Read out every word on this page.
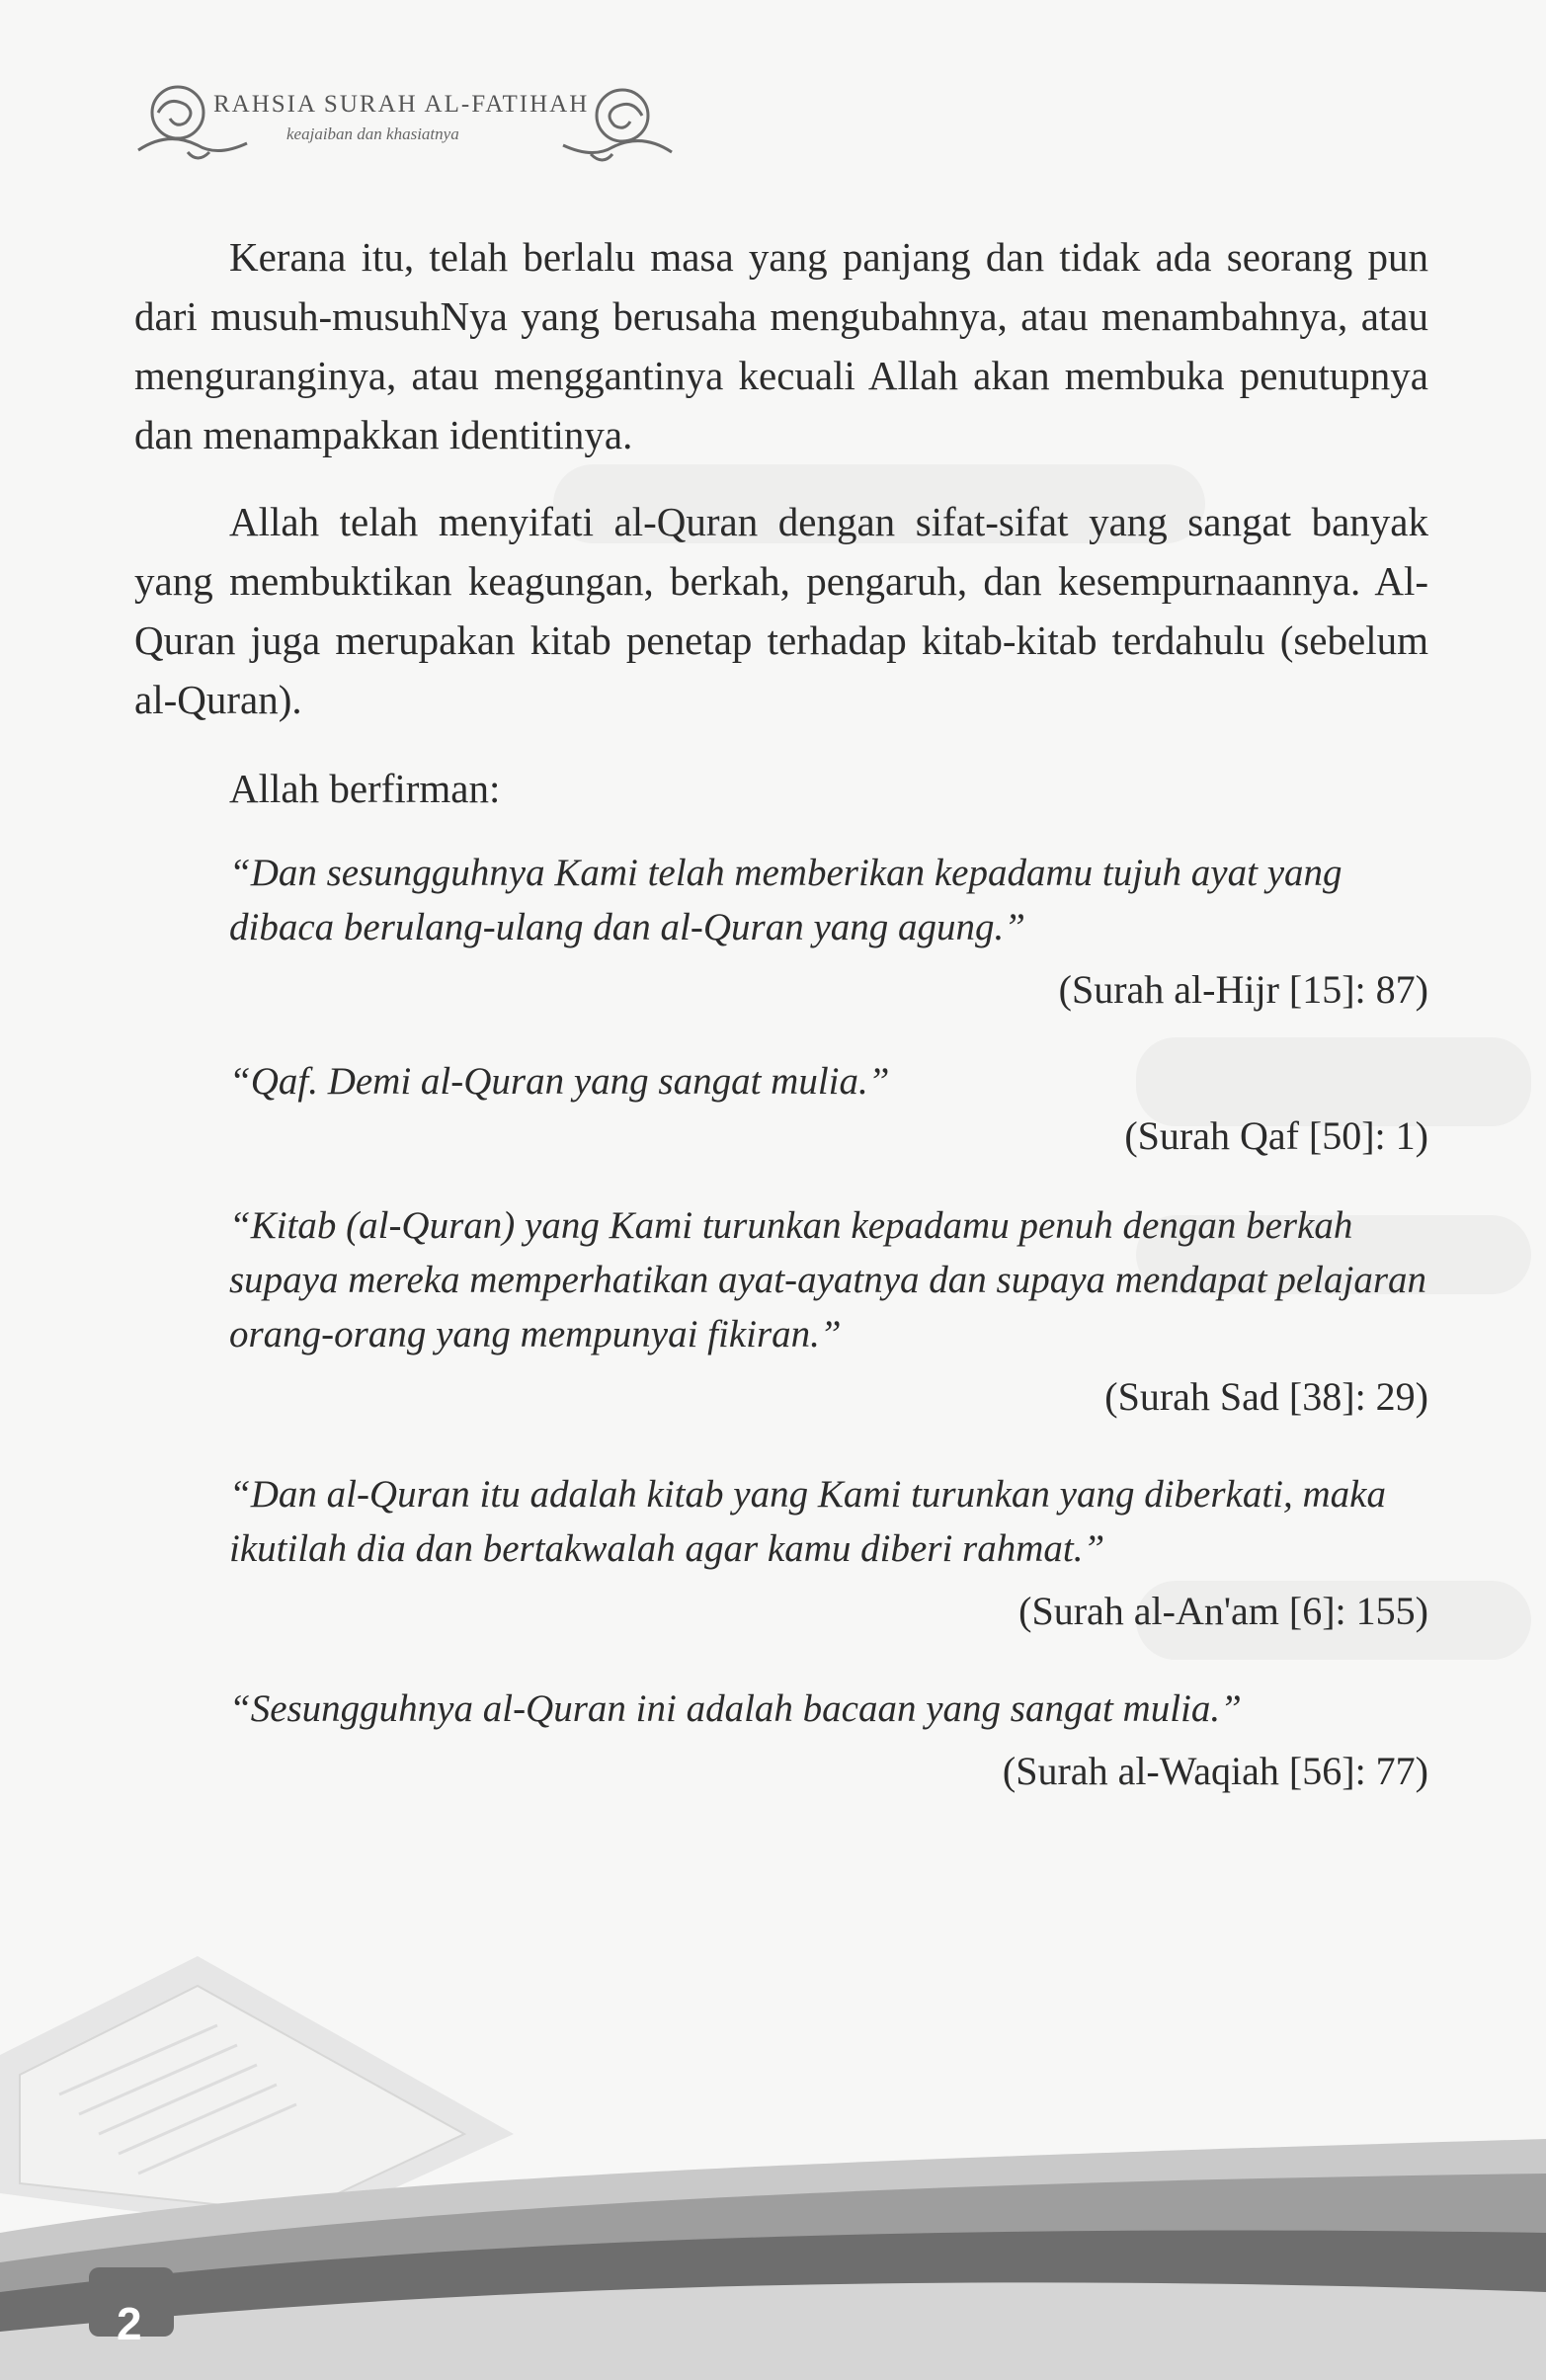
RAHSIA SURAH AL-FATIHAH
keajaiban dan khasiatnya

Kerana itu, telah berlalu masa yang panjang dan tidak ada seorang pun dari musuh-musuhNya yang berusaha mengubahnya, atau menambahnya, atau menguranginya, atau menggantinya kecuali Allah akan membuka penutupnya dan menampakkan identitinya.

Allah telah menyifati al-Quran dengan sifat-sifat yang sangat banyak yang membuktikan keagungan, berkah, pengaruh, dan kesempurnaannya. Al-Quran juga merupakan kitab penetap terhadap kitab-kitab terdahulu (sebelum al-Quran).

Allah berfirman:

“Dan sesungguhnya Kami telah memberikan kepadamu tujuh ayat yang dibaca berulang-ulang dan al-Quran yang agung.”

(Surah al-Hijr [15]: 87)

“Qaf. Demi al-Quran yang sangat mulia.”

(Surah Qaf [50]: 1)

“Kitab (al-Quran) yang Kami turunkan kepadamu penuh dengan berkah supaya mereka memperhatikan ayat-ayatnya dan supaya mendapat pelajaran orang-orang yang mempunyai fikiran.”

(Surah Sad [38]: 29)

“Dan al-Quran itu adalah kitab yang Kami turunkan yang diberkati, maka ikutilah dia dan bertakwalah agar kamu diberi rahmat.”

(Surah al-An'am [6]: 155)

“Sesungguhnya al-Quran ini adalah bacaan yang sangat mulia.”

(Surah al-Waqiah [56]: 77)

2
